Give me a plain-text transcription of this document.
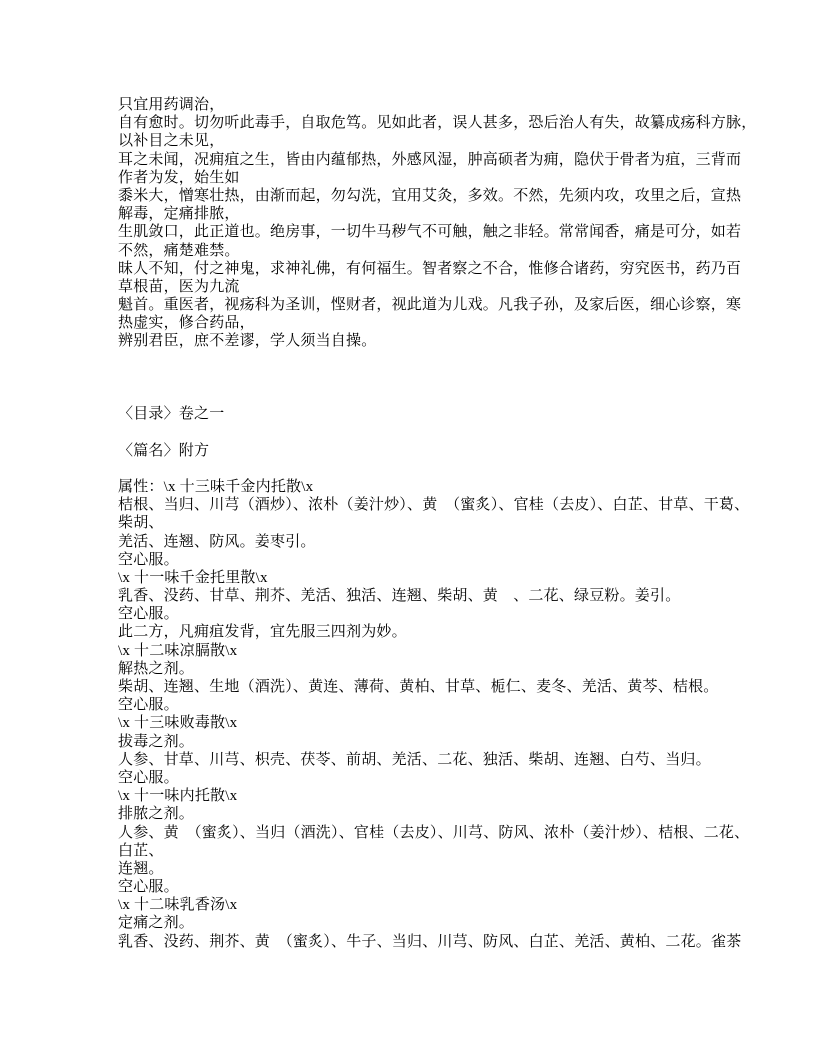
只宜用药调治，
自有愈时。切勿听此毒手，自取危笃。见如此者，误人甚多，恐后治人有失，故纂成疡科方脉，
以补目之未见，
耳之未闻，况痈疽之生，皆由内蕴郁热，外感风湿，肿高硕者为痈，隐伏于骨者为疽，三背而
作者为发，始生如
黍米大，憎寒壮热，由渐而起，勿勾洗，宜用艾灸，多效。不然，先须内攻，攻里之后，宣热
解毒，定痛排脓，
生肌敛口，此正道也。绝房事，一切牛马秽气不可触，触之非轻。常常闻香，痛是可分，如若
不然，痛楚难禁。
昧人不知，付之神鬼，求神礼佛，有何福生。智者察之不合，惟修合诸药，穷究医书，药乃百
草根苗，医为九流
魁首。重医者，视疡科为圣训，悭财者，视此道为儿戏。凡我子孙，及家后医，细心诊察，寒
热虚实，修合药品，
辨别君臣，庶不差谬，学人须当自操。

〈目录〉卷之一

〈篇名〉附方

属性：\x 十三味千金内托散\x
桔根、当归、川芎（酒炒）、浓朴（姜汁炒）、黄　（蜜炙）、官桂（去皮）、白芷、甘草、干葛、
柴胡、
羌活、连翘、防风。姜枣引。
空心服。
\x 十一味千金托里散\x
乳香、没药、甘草、荆芥、羌活、独活、连翘、柴胡、黄　、二花、绿豆粉。姜引。
空心服。
此二方，凡痈疽发背，宜先服三四剂为妙。
\x 十二味凉膈散\x
解热之剂。
柴胡、连翘、生地（酒洗）、黄连、薄荷、黄柏、甘草、栀仁、麦冬、羌活、黄芩、桔根。
空心服。
\x 十三味败毒散\x
拔毒之剂。
人参、甘草、川芎、枳壳、茯苓、前胡、羌活、二花、独活、柴胡、连翘、白芍、当归。
空心服。
\x 十一味内托散\x
排脓之剂。
人参、黄　（蜜炙）、当归（酒洗）、官桂（去皮）、川芎、防风、浓朴（姜汁炒）、桔根、二花、
白芷、
连翘。
空心服。
\x 十二味乳香汤\x
定痛之剂。
乳香、没药、荆芥、黄　（蜜炙）、牛子、当归、川芎、防风、白芷、羌活、黄柏、二花。雀茶
